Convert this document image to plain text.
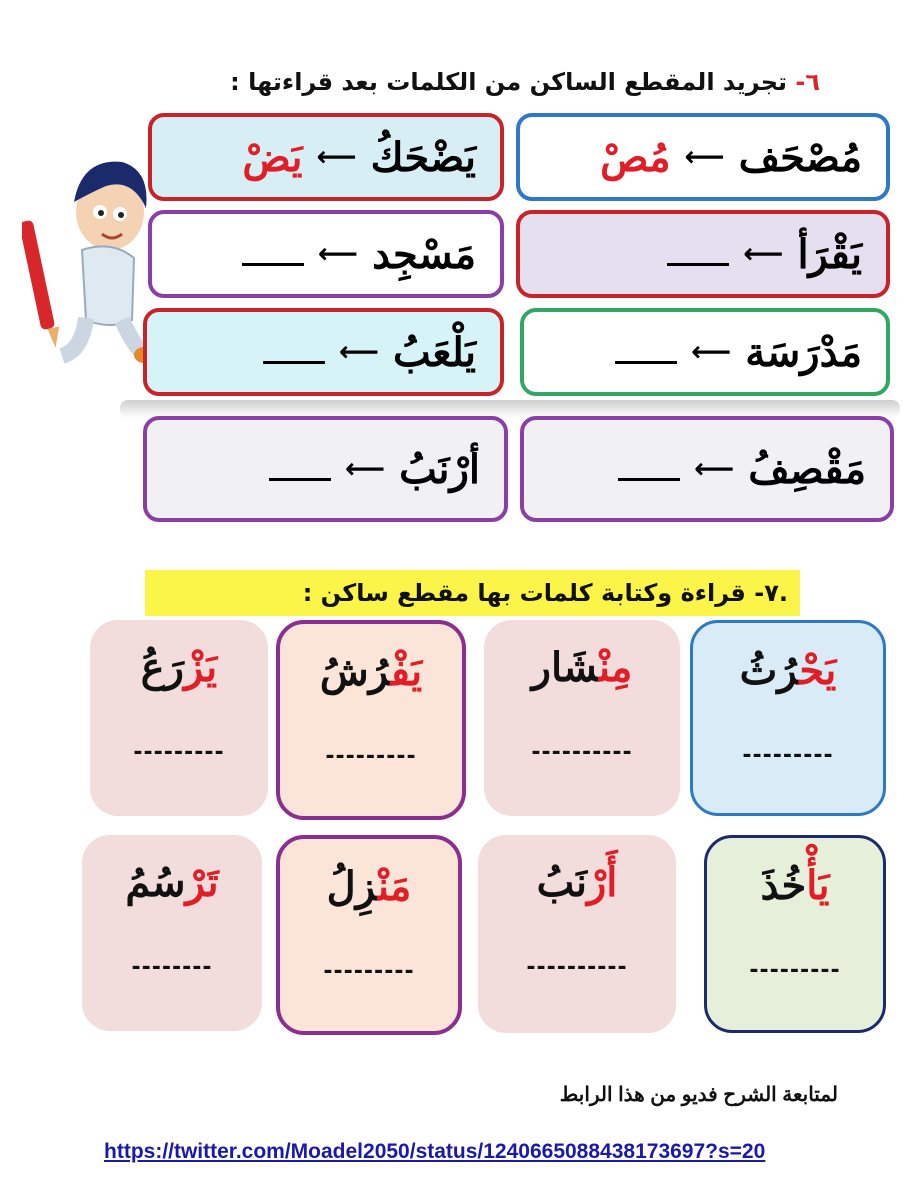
٦- تجريد المقطع الساكن من الكلمات بعد قراءتها :
مُصْحَف
⟵
مُصْ
يَضْحَكُ
⟵
يَضْ
يَقْرَأ
⟵
مَسْجِد
⟵
مَدْرَسَة
⟵
يَلْعَبُ
⟵
مَقْصِفُ
⟵
أرْنَبُ
⟵
.٧- قراءة وكتابة كلمات بها مقطع ساكن :
يَحْرُثُ
---------
مِنْشَار
----------
يَفْرُشُ
---------
يَزْرَعُ
---------
يَأْخُذَ
---------
أَرْنَبُ
----------
مَنْزِلُ
---------
تَرْسُمُ
--------
لمتابعة الشرح فديو من هذا الرابط
https://twitter.com/Moadel2050/status/1240665088438173697?s=20
